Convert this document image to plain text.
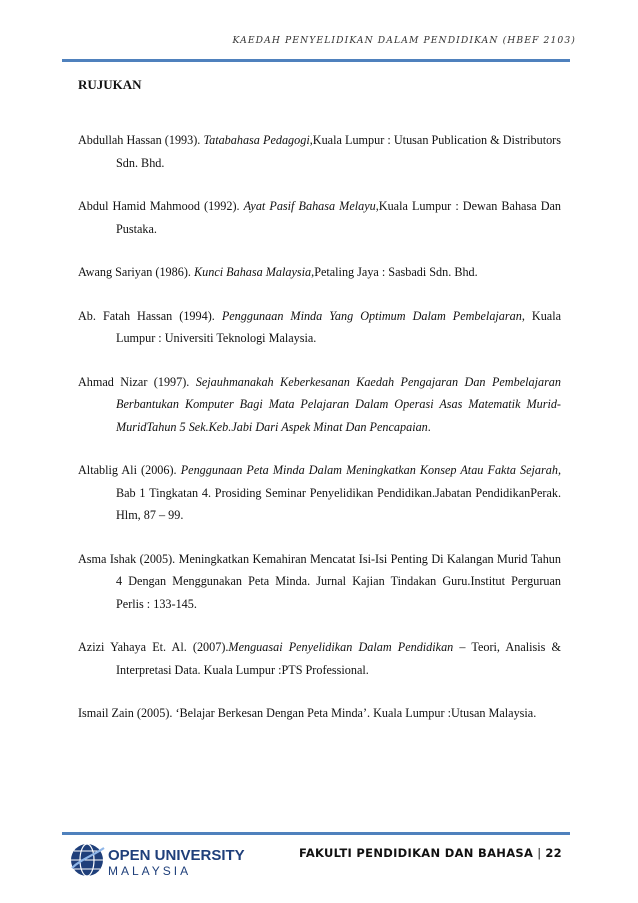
KAEDAH PENYELIDIKAN DALAM PENDIDIKAN (HBEF 2103)
RUJUKAN

Abdullah Hassan (1993). Tatabahasa Pedagogi,Kuala Lumpur : Utusan Publication & Distributors Sdn. Bhd.

Abdul Hamid Mahmood (1992). Ayat Pasif Bahasa Melayu,Kuala Lumpur : Dewan Bahasa Dan Pustaka.

Awang Sariyan (1986). Kunci Bahasa Malaysia,Petaling Jaya : Sasbadi Sdn. Bhd.

Ab. Fatah Hassan (1994). Penggunaan Minda Yang Optimum Dalam Pembelajaran, Kuala Lumpur : Universiti Teknologi Malaysia.

Ahmad Nizar (1997). Sejauhmanakah Keberkesanan Kaedah Pengajaran Dan Pembelajaran Berbantukan Komputer Bagi Mata Pelajaran Dalam Operasi Asas Matematik Murid-MuridTahun 5 Sek.Keb.Jabi Dari Aspek Minat Dan Pencapaian.

Altablig Ali (2006). Penggunaan Peta Minda Dalam Meningkatkan Konsep Atau Fakta Sejarah, Bab 1 Tingkatan 4. Prosiding Seminar Penyelidikan Pendidikan.Jabatan PendidikanPerak. Hlm, 87 – 99.

Asma Ishak (2005). Meningkatkan Kemahiran Mencatat Isi-Isi Penting Di Kalangan Murid Tahun 4 Dengan Menggunakan Peta Minda. Jurnal Kajian Tindakan Guru.Institut Perguruan Perlis : 133-145.

Azizi Yahaya Et. Al. (2007).Menguasai Penyelidikan Dalam Pendidikan – Teori, Analisis & Interpretasi Data. Kuala Lumpur :PTS Professional.

Ismail Zain (2005). ‘Belajar Berkesan Dengan Peta Minda’. Kuala Lumpur :Utusan Malaysia.

OPEN UNIVERSITY
MALAYSIA
FAKULTI PENDIDIKAN DAN BAHASA | 22
